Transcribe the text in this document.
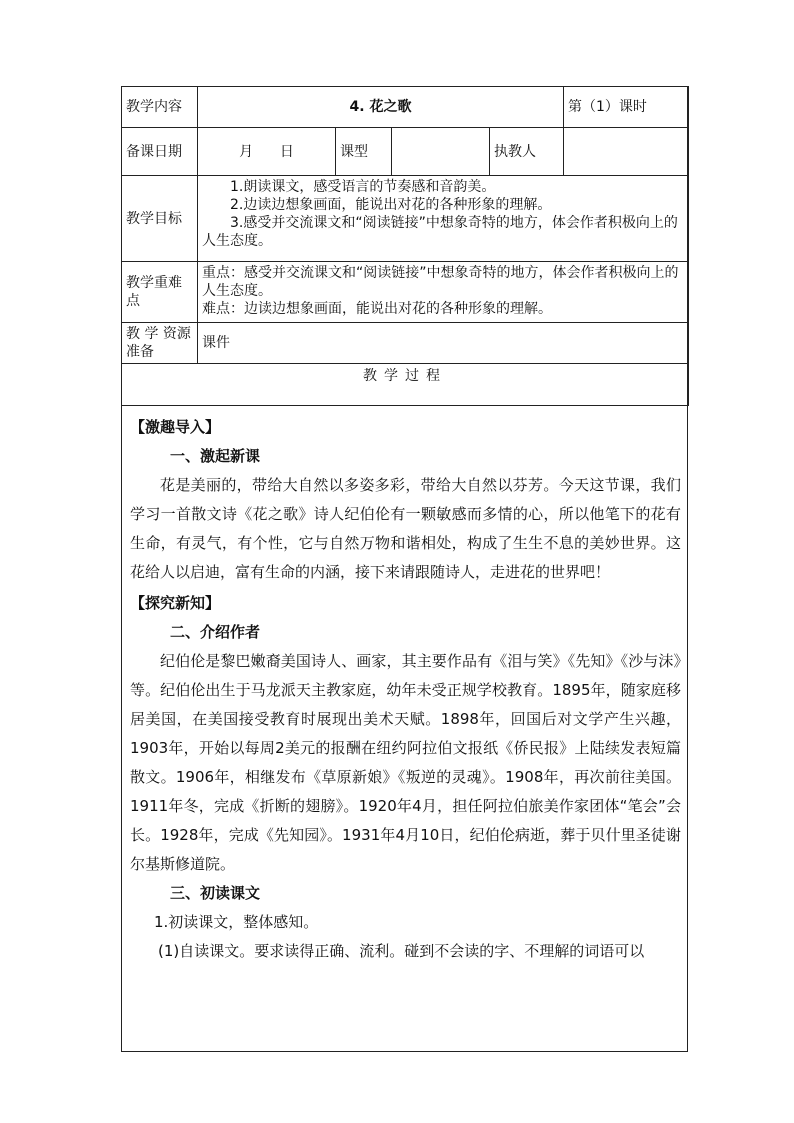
教学内容	4. 花之歌				第（1）课时
备课日期	月      日	课型		执教人	
教学目标	1.朗读课文，感受语言的节奏感和音韵美。
2.边读边想象画面，能说出对花的各种形象的理解。
3.感受并交流课文和“阅读链接”中想象奇特的地方，体会作者积极向上的人生态度。				

教学重难点	重点：感受并交流课文和“阅读链接”中想象奇特的地方，体会作者积极向上的人生态度。
难点：边读边想象画面，能说出对花的各种形象的理解。				

教 学 资源准备	课件				
教学过程					
【激趣导入】
一、激起新课

花是美丽的，带给大自然以多姿多彩，带给大自然以芬芳。今天这节课，我们学习一首散文诗《花之歌》诗人纪伯伦有一颗敏感而多情的心，所以他笔下的花有生命，有灵气，有个性，它与自然万物和谐相处，构成了生生不息的美妙世界。这花给人以启迪，富有生命的内涵，接下来请跟随诗人，走进花的世界吧！

【探究新知】
二、介绍作者

纪伯伦是黎巴嫩裔美国诗人、画家，其主要作品有《泪与笑》《先知》《沙与沫》等。纪伯伦出生于马龙派天主教家庭，幼年未受正规学校教育。1895年，随家庭移居美国，在美国接受教育时展现出美术天赋。1898年，回国后对文学产生兴趣，1903年，开始以每周2美元的报酬在纽约阿拉伯文报纸《侨民报》上陆续发表短篇散文。1906年，相继发布《草原新娘》《叛逆的灵魂》。1908年，再次前往美国。1911年冬，完成《折断的翅膀》。1920年4月，担任阿拉伯旅美作家团体“笔会”会长。1928年，完成《先知园》。1931年4月10日，纪伯伦病逝，葬于贝什里圣徒谢尔基斯修道院。

三、初读课文
1.初读课文，整体感知。
(1)自读课文。要求读得正确、流利。碰到不会读的字、不理解的词语可以
